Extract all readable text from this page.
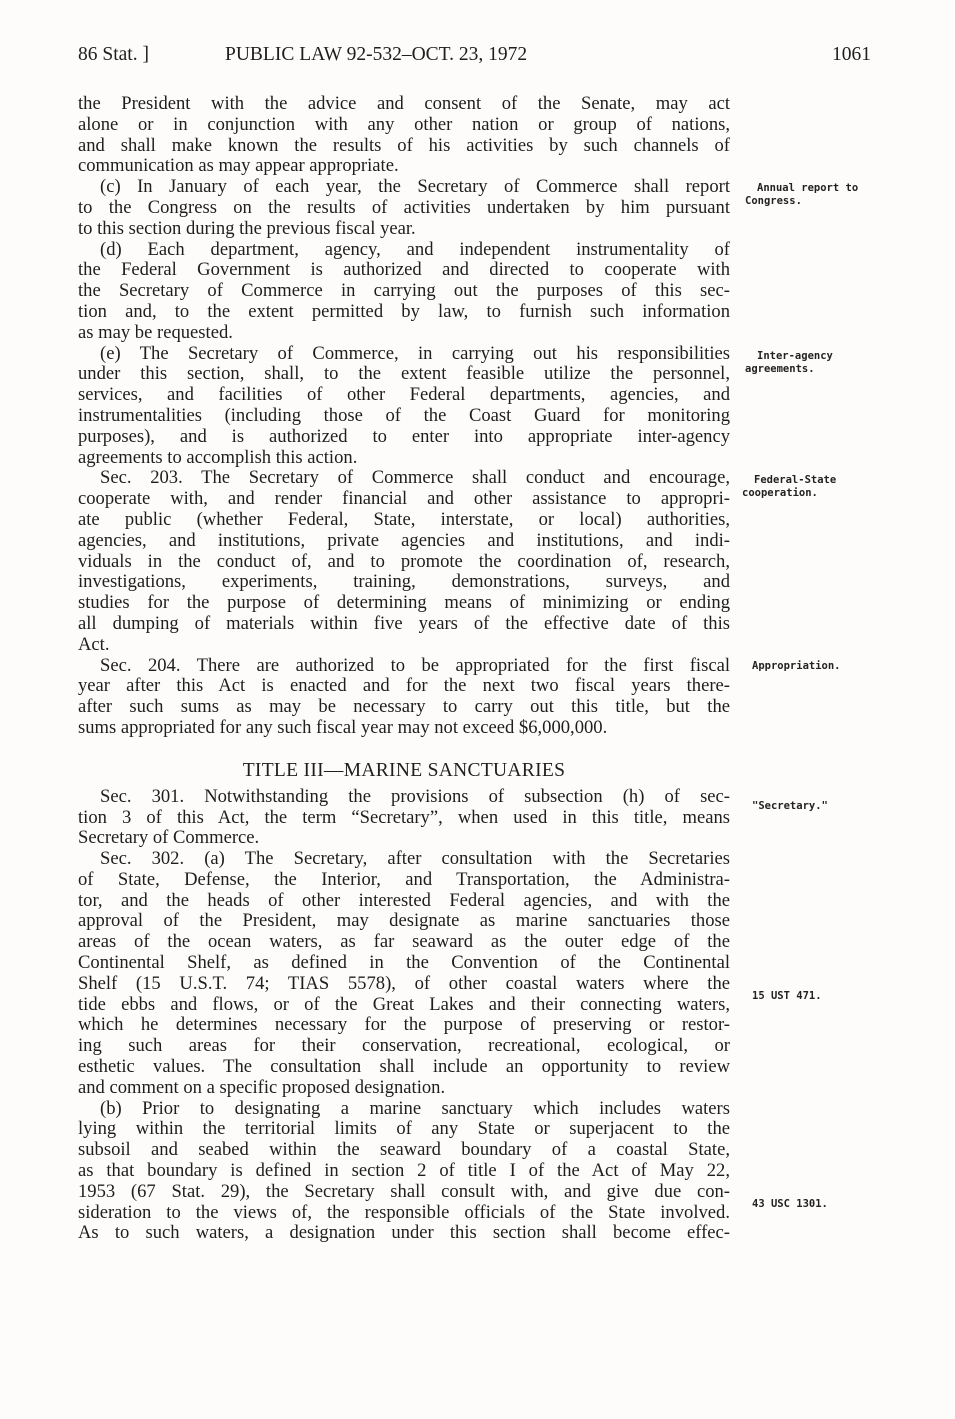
86 Stat. ]	PUBLIC LAW 92-532–OCT. 23, 1972	1061
the President with the advice and consent of the Senate, may act
alone or in conjunction with any other nation or group of nations,
and shall make known the results of his activities by such channels of
communication as may appear appropriate.
(c) In January of each year, the Secretary of Commerce shall report
to the Congress on the results of activities undertaken by him pursuant
to this section during the previous fiscal year.
(d) Each department, agency, and independent instrumentality of
the Federal Government is authorized and directed to cooperate with
the Secretary of Commerce in carrying out the purposes of this sec-
tion and, to the extent permitted by law, to furnish such information
as may be requested.
(e) The Secretary of Commerce, in carrying out his responsibilities
under this section, shall, to the extent feasible utilize the personnel,
services, and facilities of other Federal departments, agencies, and
instrumentalities (including those of the Coast Guard for monitoring
purposes), and is authorized to enter into appropriate inter-agency
agreements to accomplish this action.
Sec. 203. The Secretary of Commerce shall conduct and encourage,
cooperate with, and render financial and other assistance to appropri-
ate public (whether Federal, State, interstate, or local) authorities,
agencies, and institutions, private agencies and institutions, and indi-
viduals in the conduct of, and to promote the coordination of, research,
investigations, experiments, training, demonstrations, surveys, and
studies for the purpose of determining means of minimizing or ending
all dumping of materials within five years of the effective date of this
Act.
Sec. 204. There are authorized to be appropriated for the first fiscal
year after this Act is enacted and for the next two fiscal years there-
after such sums as may be necessary to carry out this title, but the
sums appropriated for any such fiscal year may not exceed $6,000,000.
TITLE III—MARINE SANCTUARIES
Sec. 301. Notwithstanding the provisions of subsection (h) of sec-
tion 3 of this Act, the term “Secretary”, when used in this title, means
Secretary of Commerce.
Sec. 302. (a) The Secretary, after consultation with the Secretaries
of State, Defense, the Interior, and Transportation, the Administra-
tor, and the heads of other interested Federal agencies, and with the
approval of the President, may designate as marine sanctuaries those
areas of the ocean waters, as far seaward as the outer edge of the
Continental Shelf, as defined in the Convention of the Continental
Shelf (15 U.S.T. 74; TIAS 5578), of other coastal waters where the
tide ebbs and flows, or of the Great Lakes and their connecting waters,
which he determines necessary for the purpose of preserving or restor-
ing such areas for their conservation, recreational, ecological, or
esthetic values. The consultation shall include an opportunity to review
and comment on a specific proposed designation.
(b) Prior to designating a marine sanctuary which includes waters
lying within the territorial limits of any State or superjacent to the
subsoil and seabed within the seaward boundary of a coastal State,
as that boundary is defined in section 2 of title I of the Act of May 22,
1953 (67 Stat. 29), the Secretary shall consult with, and give due con-
sideration to the views of, the responsible officials of the State involved.
As to such waters, a designation under this section shall become effec-
Annual report to
Congress.
Inter-agency
agreements.
Federal-State
cooperation.
Appropriation.
"Secretary."
15 UST 471.
43 USC 1301.
